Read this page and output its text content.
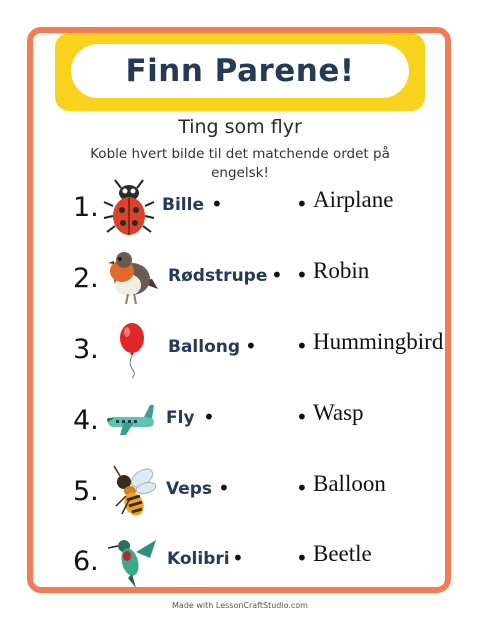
Finn Parene!
Ting som flyr
Koble hvert bilde til det matchende ordet på engelsk!
1.	Bille •	• Airplane
2.	Rødstrupe • • Robin
3.	Ballong • • Hummingbird
4.	Fly •	• Wasp
5.	Veps •	• Balloon
6.	Kolibri •	• Beetle
Made with LessonCraftStudio.com
